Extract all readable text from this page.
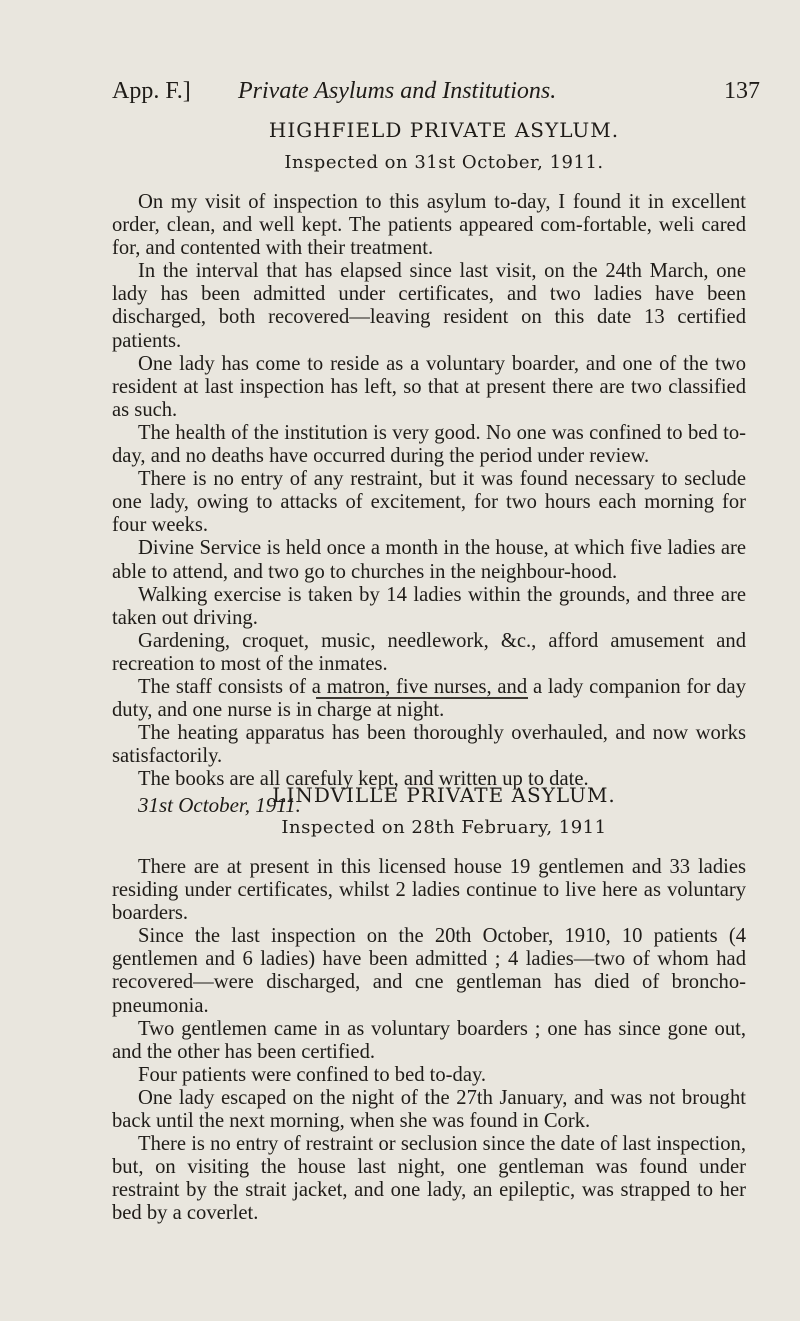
App. F.] Private Asylums and Institutions.	137
HIGHFIELD PRIVATE ASYLUM.
Inspected on 31st October, 1911.

On my visit of inspection to this asylum to-day, I found it in excellent order, clean, and well kept. The patients appeared com-fortable, weli cared for, and contented with their treatment.

In the interval that has elapsed since last visit, on the 24th March, one lady has been admitted under certificates, and two ladies have been discharged, both recovered—leaving resident on this date 13 certified patients.

One lady has come to reside as a voluntary boarder, and one of the two resident at last inspection has left, so that at present there are two classified as such.

The health of the institution is very good. No one was confined to bed to-day, and no deaths have occurred during the period under review.

There is no entry of any restraint, but it was found necessary to seclude one lady, owing to attacks of excitement, for two hours each morning for four weeks.

Divine Service is held once a month in the house, at which five ladies are able to attend, and two go to churches in the neighbour-hood.

Walking exercise is taken by 14 ladies within the grounds, and three are taken out driving.

Gardening, croquet, music, needlework, &c., afford amusement and recreation to most of the inmates.

The staff consists of a matron, five nurses, and a lady companion for day duty, and one nurse is in charge at night.

The heating apparatus has been thoroughly overhauled, and now works satisfactorily.

The books are all carefuly kept, and written up to date.

31st October, 1911.
LINDVILLE PRIVATE ASYLUM.
Inspected on 28th February, 1911

There are at present in this licensed house 19 gentlemen and 33 ladies residing under certificates, whilst 2 ladies continue to live here as voluntary boarders.

Since the last inspection on the 20th October, 1910, 10 patients (4 gentlemen and 6 ladies) have been admitted ; 4 ladies—two of whom had recovered—were discharged, and cne gentleman has died of broncho-pneumonia.

Two gentlemen came in as voluntary boarders ; one has since gone out, and the other has been certified.

Four patients were confined to bed to-day.

One lady escaped on the night of the 27th January, and was not brought back until the next morning, when she was found in Cork.

There is no entry of restraint or seclusion since the date of last inspection, but, on visiting the house last night, one gentleman was found under restraint by the strait jacket, and one lady, an epileptic, was strapped to her bed by a coverlet.
